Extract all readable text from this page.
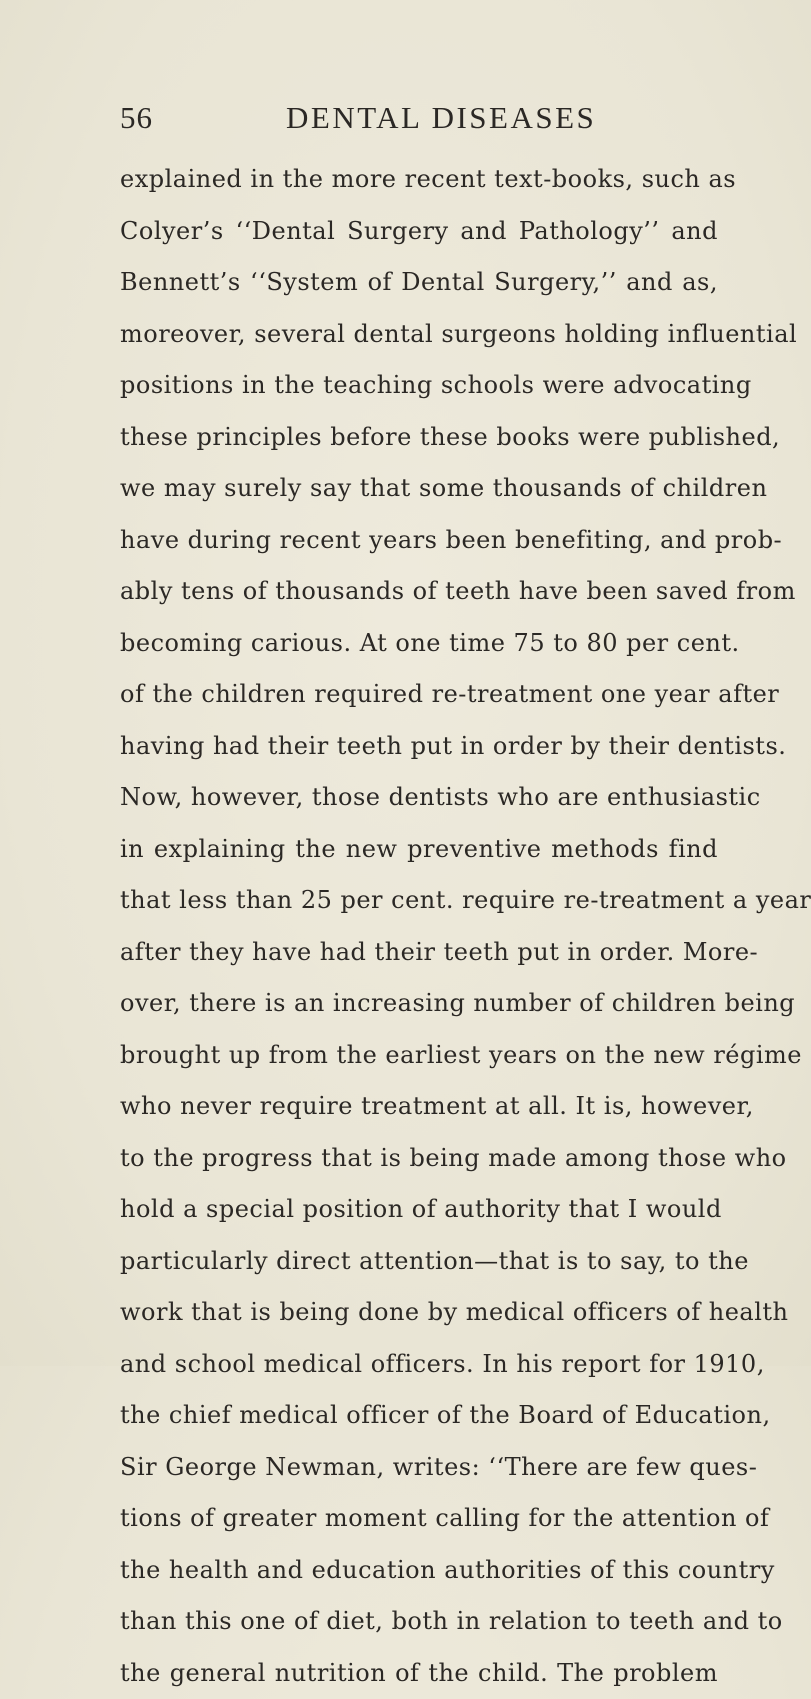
56	DENTAL DISEASES
explained in the more recent text-books, such as
Colyer’s ‘‘Dental Surgery and Pathology’’ and
Bennett’s ‘‘System of Dental Surgery,’’ and as,
moreover, several dental surgeons holding influential
positions in the teaching schools were advocating
these principles before these books were published,
we may surely say that some thousands of children
have during recent years been benefiting, and prob-
ably tens of thousands of teeth have been saved from
becoming carious. At one time 75 to 80 per cent.
of the children required re-treatment one year after
having had their teeth put in order by their dentists.
Now, however, those dentists who are enthusiastic
in explaining the new preventive methods find
that less than 25 per cent. require re-treatment a year
after they have had their teeth put in order. More-
over, there is an increasing number of children being
brought up from the earliest years on the new régime
who never require treatment at all. It is, however,
to the progress that is being made among those who
hold a special position of authority that I would
particularly direct attention—that is to say, to the
work that is being done by medical officers of health
and school medical officers. In his report for 1910,
the chief medical officer of the Board of Education,
Sir George Newman, writes: ‘‘There are few ques-
tions of greater moment calling for the attention of
the health and education authorities of this country
than this one of diet, both in relation to teeth and to
the general nutrition of the child. The problem
